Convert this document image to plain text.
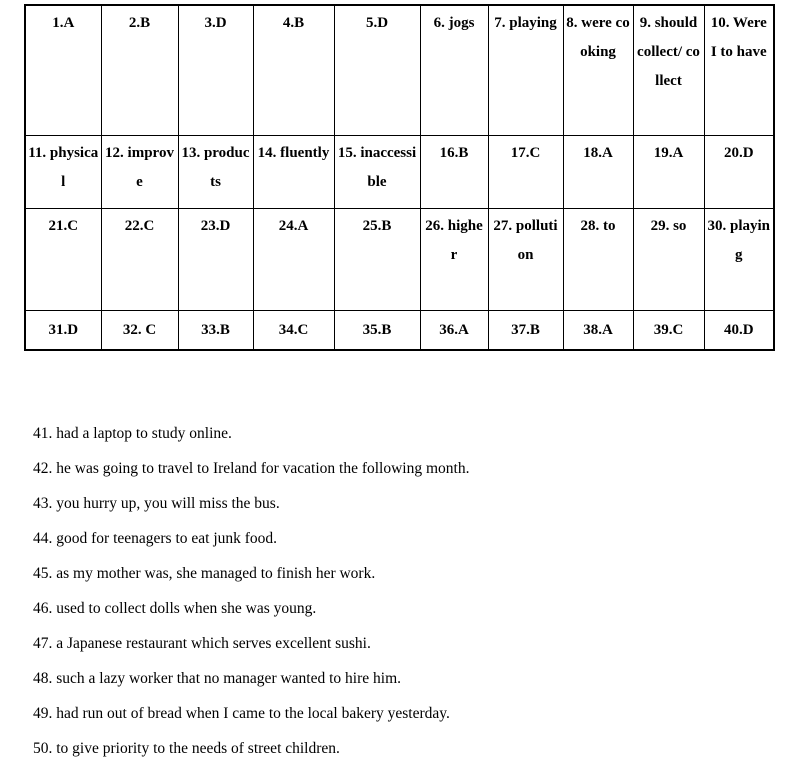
1.A	2.B	3.D	4.B	5.D	6. jogs	7. playing	8. were cooking	9. should collect/ collect	10. Were I to have
11. physical	12. improve	13. products	14. fluently	15. inaccessible	16.B	17.C	18.A	19.A	20.D
21.C	22.C	23.D	24.A	25.B	26. higher	27. pollution	28. to	29. so	30. playing
31.D	32. C	33.B	34.C	35.B	36.A	37.B	38.A	39.C	40.D
41. had a laptop to study online.
42. he was going to travel to Ireland for vacation the following month.
43. you hurry up, you will miss the bus.
44. good for teenagers to eat junk food.
45. as my mother was, she managed to finish her work.
46. used to collect dolls when she was young.
47. a Japanese restaurant which serves excellent sushi.
48. such a lazy worker that no manager wanted to hire him.
49. had run out of bread when I came to the local bakery yesterday.
50. to give priority to the needs of street children.
